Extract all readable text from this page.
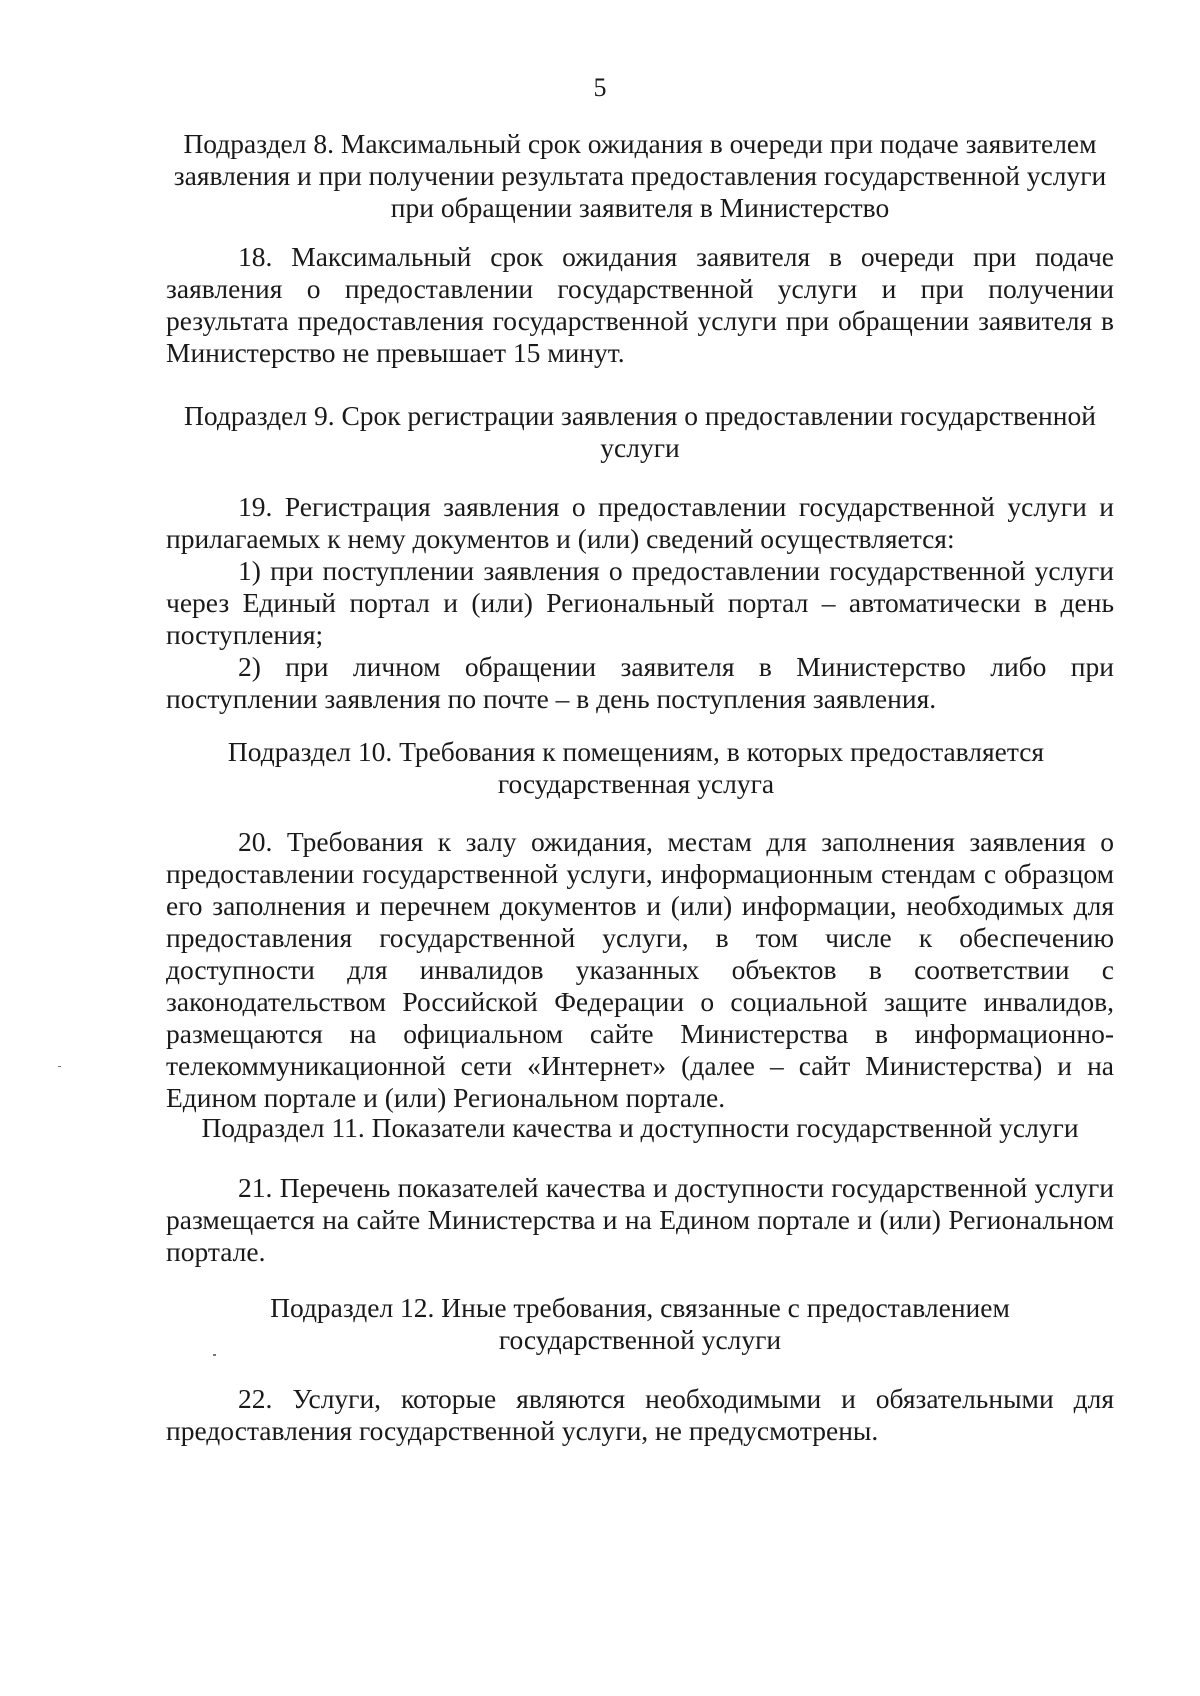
5

Подраздел 8. Максимальный срок ожидания в очереди при подаче заявителем заявления и при получении результата предоставления государственной услуги при обращении заявителя в Министерство

18. Максимальный срок ожидания заявителя в очереди при подаче заявления о предоставлении государственной услуги и при получении результата предоставления государственной услуги при обращении заявителя в Министерство не превышает 15 минут.

Подраздел 9. Срок регистрации заявления о предоставлении государственной услуги

19. Регистрация заявления о предоставлении государственной услуги и прилагаемых к нему документов и (или) сведений осуществляется:

1) при поступлении заявления о предоставлении государственной услуги через Единый портал и (или) Региональный портал – автоматически в день поступления;

2) при личном обращении заявителя в Министерство либо при поступлении заявления по почте – в день поступления заявления.

Подраздел 10. Требования к помещениям, в которых предоставляется государственная услуга

20. Требования к залу ожидания, местам для заполнения заявления о предоставлении государственной услуги, информационным стендам с образцом его заполнения и перечнем документов и (или) информации, необходимых для предоставления государственной услуги, в том числе к обеспечению доступности для инвалидов указанных объектов в соответствии с законодательством Российской Федерации о социальной защите инвалидов, размещаются на официальном сайте Министерства в информационно-телекоммуникационной сети «Интернет» (далее – сайт Министерства) и на Едином портале и (или) Региональном портале.

Подраздел 11. Показатели качества и доступности государственной услуги

21. Перечень показателей качества и доступности государственной услуги размещается на сайте Министерства и на Едином портале и (или) Региональном портале.

Подраздел 12. Иные требования, связанные с предоставлением государственной услуги

22. Услуги, которые являются необходимыми и обязательными для предоставления государственной услуги, не предусмотрены.
